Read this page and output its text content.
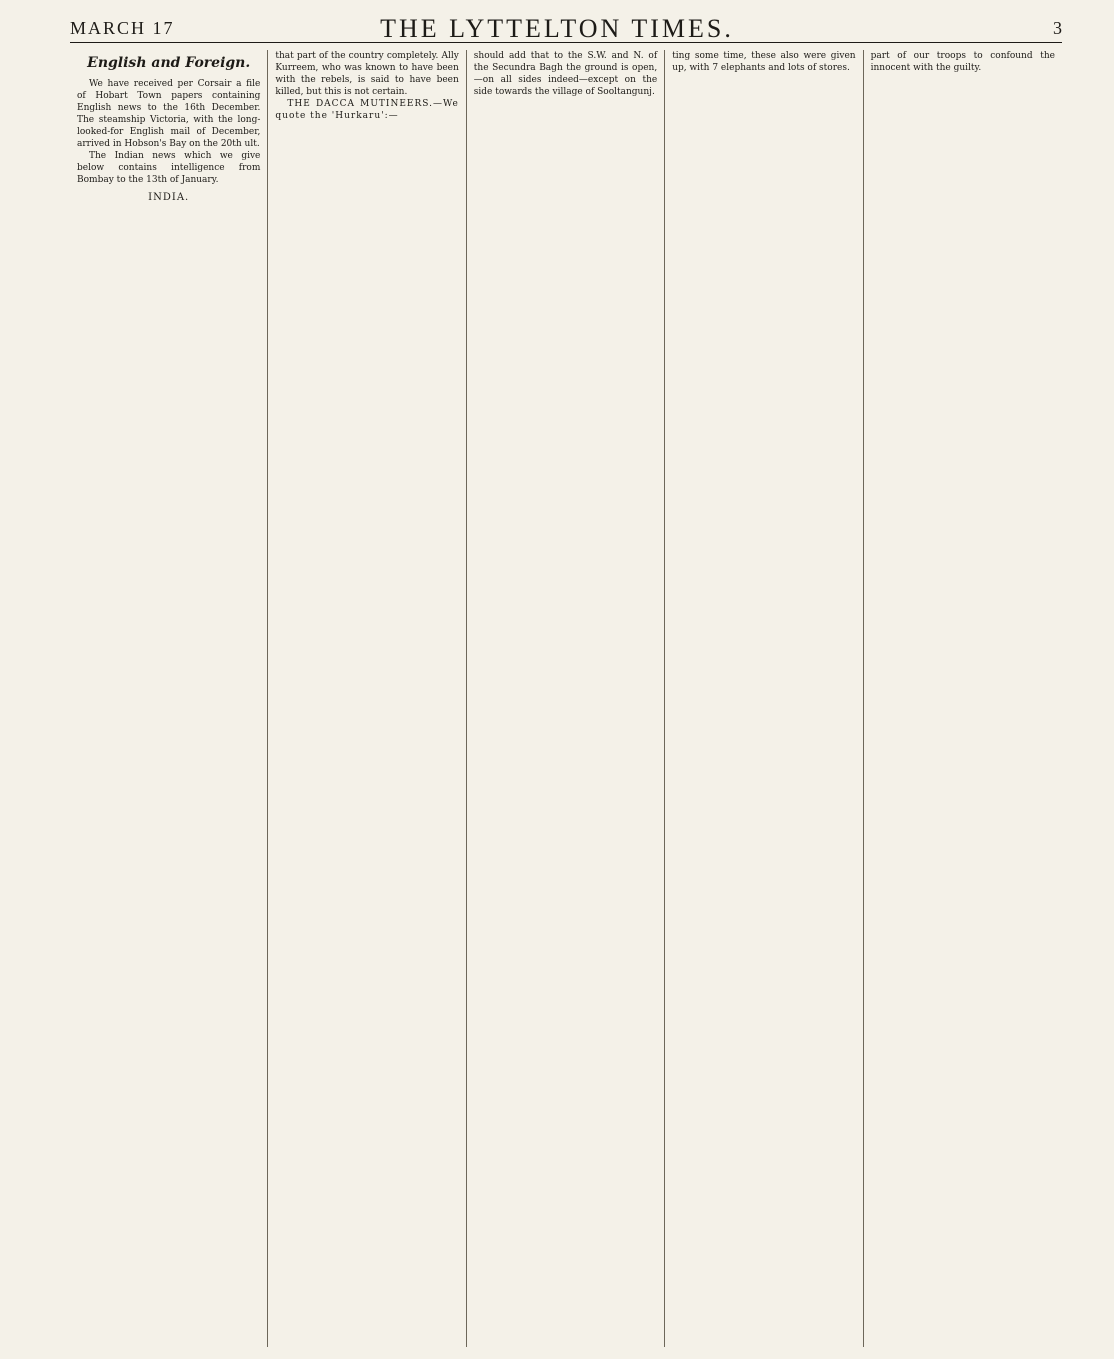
MARCH 17	THE LYTTELTON TIMES.	3
English and Foreign.

We have received per Corsair a file of Hobart Town papers containing English news to the 16th December. The steamship Victoria, with the long-looked-for English mail of December, arrived in Hobson's Bay on the 20th ult.

The Indian news which we give below contains intelligence from Bombay to the 13th of January.

INDIA.

that part of the country completely. Ally Kurreem, who was known to have been with the rebels, is said to have been killed, but this is not certain.

THE DACCA MUTINEERS.—We quote the 'Hurkaru':—

should add that to the S.W. and N. of the Secundra Bagh the ground is open,—on all sides indeed—except on the side towards the village of Sooltangunj.

ting some time, these also were given up, with 7 elephants and lots of stores.

part of our troops to confound the innocent with the guilty.
